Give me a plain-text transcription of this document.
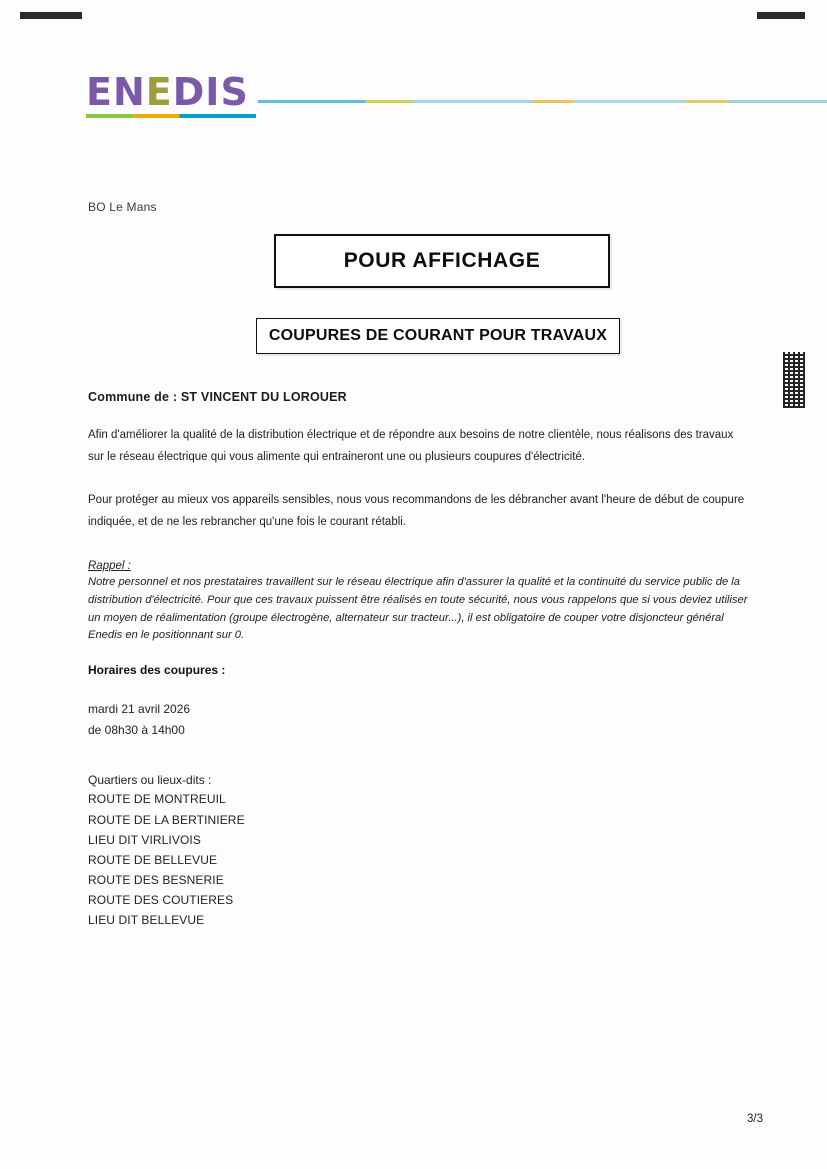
ENEDIS
BO Le Mans
POUR AFFICHAGE
COUPURES DE COURANT POUR TRAVAUX
Commune de : ST VINCENT DU LOROUER

Afin d'améliorer la qualité de la distribution électrique et de répondre aux besoins de notre clientèle, nous réalisons des travaux sur le réseau électrique qui vous alimente qui entraineront une ou plusieurs coupures d'électricité.

Pour protéger au mieux vos appareils sensibles, nous vous recommandons de les débrancher avant l'heure de début de coupure indiquée, et de ne les rebrancher qu'une fois le courant rétabli.

Rappel :

Notre personnel et nos prestataires travaillent sur le réseau électrique afin d'assurer la qualité et la continuité du service public de la distribution d'électricité. Pour que ces travaux puissent être réalisés en toute sécurité, nous vous rappelons que si vous deviez utiliser un moyen de réalimentation (groupe électrogène, alternateur sur tracteur...), il est obligatoire de couper votre disjoncteur général Enedis en le positionnant sur 0.

Horaires des coupures :

mardi 21 avril 2026
de 08h30 à 14h00

Quartiers ou lieux-dits :

ROUTE DE MONTREUIL
ROUTE DE LA BERTINIERE
LIEU DIT VIRLIVOIS
ROUTE DE BELLEVUE
ROUTE DES BESNERIE
ROUTE DES COUTIERES
LIEU DIT BELLEVUE
3/3
